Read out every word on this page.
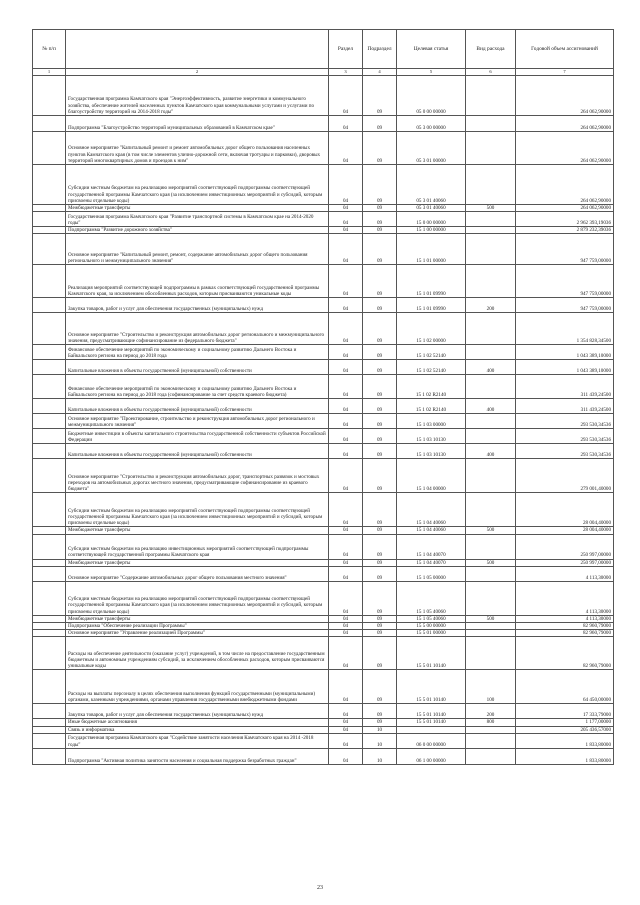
№ п/п		Раздел	Подраздел	Целевая статья	Вид расхода	Годовой объем ассигнований
1	2	3	4	5	6	7
	Государственная программа Камчатского края "Энергоэффективность, развитие энергетики и коммунального хозяйства, обеспечение жителей населенных пунктов Камчатского края коммунальными услугами и услугами по благоустройству территорий на 2014-2018 годы"	04	09	05 0 00 00000		264 062,90000
	Подпрограмма "Благоустройство территорий муниципальных образований в Камчатском крае"	04	09	05 3 00 00000		264 062,90000
	Основное мероприятие "Капитальный ремонт и ремонт автомобильных дорог общего пользования населенных пунктов Камчатского края (в том числе элементов улично-дорожной сети, включая тротуары и парковки), дворовых территорий многоквартирных домов и проездов к ним"	04	09	05 3 01 00000		264 062,90000
	Субсидии местным бюджетам на реализацию мероприятий соответствующей подпрограммы соответствующей государственной программы Камчатского края (за исключением инвестиционных мероприятий и субсидий, которым присвоены отдельные коды)	04	09	05 3 01 40060		264 062,90000
	Межбюджетные трансферты	04	09	05 3 01 40060	500	264 062,90000
	Государственная программа Камчатского края "Развитие транспортной системы в Камчатском крае на 2014-2020 годы"	04	09	15 0 00 00000		2 962 393,19036
	Подпрограмма "Развитие дорожного хозяйства"	04	09	15 1 00 00000		2 879 232,39036
	Основное мероприятие "Капитальный ремонт, ремонт, содержание автомобильных дорог общего пользования регионального и межмуниципального значения"	04	09	15 1 01 00000		947 759,00000
	Реализация мероприятий соответствующей подпрограммы в рамках соответствующей государственной программы Камчатского края, за исключением обособленных расходов, которым присваиваются уникальные коды	04	09	15 1 01 09990		947 759,00000
	Закупка товаров, работ и услуг для обеспечения государственных (муниципальных) нужд	04	09	15 1 01 09990	200	947 759,00000
	Основное мероприятие "Строительство и реконструкция автомобильных дорог регионального и межмуниципального значения, предусматривающие софинансирование из федерального бюджета"	04	09	15 1 02 00000		1 354 828,34500
	Финансовое обеспечение мероприятий по экономическому и социальному развитию Дальнего Востока и Байкальского региона на период до 2018 года	04	09	15 1 02 52140		1 043 389,10000
	Капитальные вложения в объекты государственной (муниципальной) собственности	04	09	15 1 02 52140	400	1 043 389,10000
	Финансовое обеспечение мероприятий по экономическому и социальному развитию Дальнего Востока и Байкальского региона на период до 2018 года (софинансирование за счет средств краевого бюджета)	04	09	15 1 02 R2140		311 439,24500
	Капитальные вложения в объекты государственной (муниципальной) собственности	04	09	15 1 02 R2140	400	311 439,24500
	Основное мероприятие "Проектирование, строительство и реконструкция автомобильных дорог регионального и межмуниципального значения"	04	09	15 1 03 00000		293 530,34536
	Бюджетные инвестиции в объекты капитального строительства государственной собственности субъектов Российской Федерации	04	09	15 1 03 10130		293 530,34536
	Капитальные вложения в объекты государственной (муниципальной) собственности	04	09	15 1 03 10130	400	293 530,34536
	Основное мероприятие "Строительство и реконструкция автомобильных дорог, транспортных развязок и мостовых переходов на автомобильных дорогах местного значения, предусматривающие софинансирование из краевого бюджета"	04	09	15 1 04 00000		279 001,40000
	Субсидии местным бюджетам на реализацию мероприятий соответствующей подпрограммы соответствующей государственной программы Камчатского края (за исключением инвестиционных мероприятий и субсидий, которым присвоены отдельные коды)	04	09	15 1 04 40060		28 004,40000
	Межбюджетные трансферты	04	09	15 1 04 40060	500	28 004,40000
	Субсидии местным бюджетам на реализацию инвестиционных мероприятий соответствующей подпрограммы соответствующей государственной программы Камчатского края	04	09	15 1 04 40070		250 997,00000
	Межбюджетные трансферты	04	09	15 1 04 40070	500	250 997,00000
	Основное мероприятие "Содержание автомобильных дорог общего пользования местного значения"	04	09	15 1 05 00000		4 113,30000
	Субсидии местным бюджетам на реализацию мероприятий соответствующей подпрограммы соответствующей государственной программы Камчатского края (за исключением инвестиционных мероприятий и субсидий, которым присвоены отдельные коды)	04	09	15 1 05 40060		4 113,30000
	Межбюджетные трансферты	04	09	15 1 05 40060	500	4 113,30000
	Подпрограмма "Обеспечение реализации Программы"	04	09	15 5 00 00000		82 960,79000
	Основное мероприятие "Управление реализацией Программы"	04	09	15 5 01 00000		82 960,79000
	Расходы на обеспечение деятельности (оказание услуг) учреждений, в том числе на предоставление государственным бюджетным и автономным учреждениям субсидий, за исключением обособленных расходов, которым присваиваются уникальные коды	04	09	15 5 01 10140		82 960,79000
	Расходы на выплаты персоналу в целях обеспечения выполнения функций государственными (муниципальными) органами, казенными учреждениями, органами управления государственными внебюджетными фондами	04	09	15 5 01 10140	100	64 450,00000
	Закупка товаров, работ и услуг для обеспечения государственных (муниципальных) нужд	04	09	15 5 01 10140	200	17 333,79000
	Иные бюджетные ассигнования	04	09	15 5 01 10140	800	1 177,00000
	Связь и информатика	04	10			205 436,57000
	Государственная программа Камчатского края "Содействие занятости населения Камчатского края на 2014 -2018 годы"	04	10	06 0 00 00000		1 833,80000
	Подпрограмма "Активная политика занятости населения и социальная поддержка безработных граждан"	04	10	06 1 00 00000		1 833,80000
23
